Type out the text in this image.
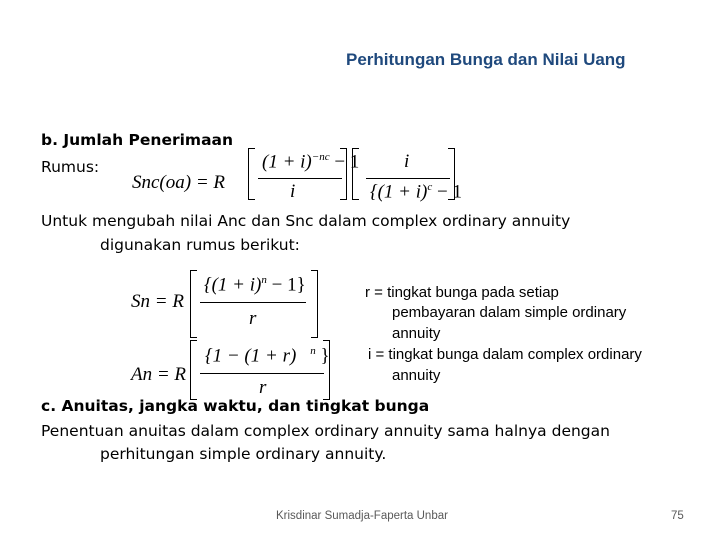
Perhitungan Bunga dan Nilai Uang
b. Jumlah Penerimaan
Rumus:
Snc(oa) = R
$(1 + i)^{-nc} - 1$
i
i
{$(1 + i)^c - 1$
Untuk mengubah nilai Anc dan Snc dalam complex ordinary annuity
digunakan rumus berikut:
Sn = R
$\{(1 + i)^n - 1\}$
r
An = R
{1 − (1 + r) $^n$ }
r
r = tingkat bunga pada setiap
pembayaran dalam simple ordinary
annuity
i = tingkat bunga dalam complex ordinary
annuity
c. Anuitas, jangka waktu, dan tingkat bunga
Penentuan anuitas dalam complex ordinary annuity sama halnya dengan
perhitungan simple ordinary annuity.
Krisdinar Sumadja-Faperta Unbar	75
